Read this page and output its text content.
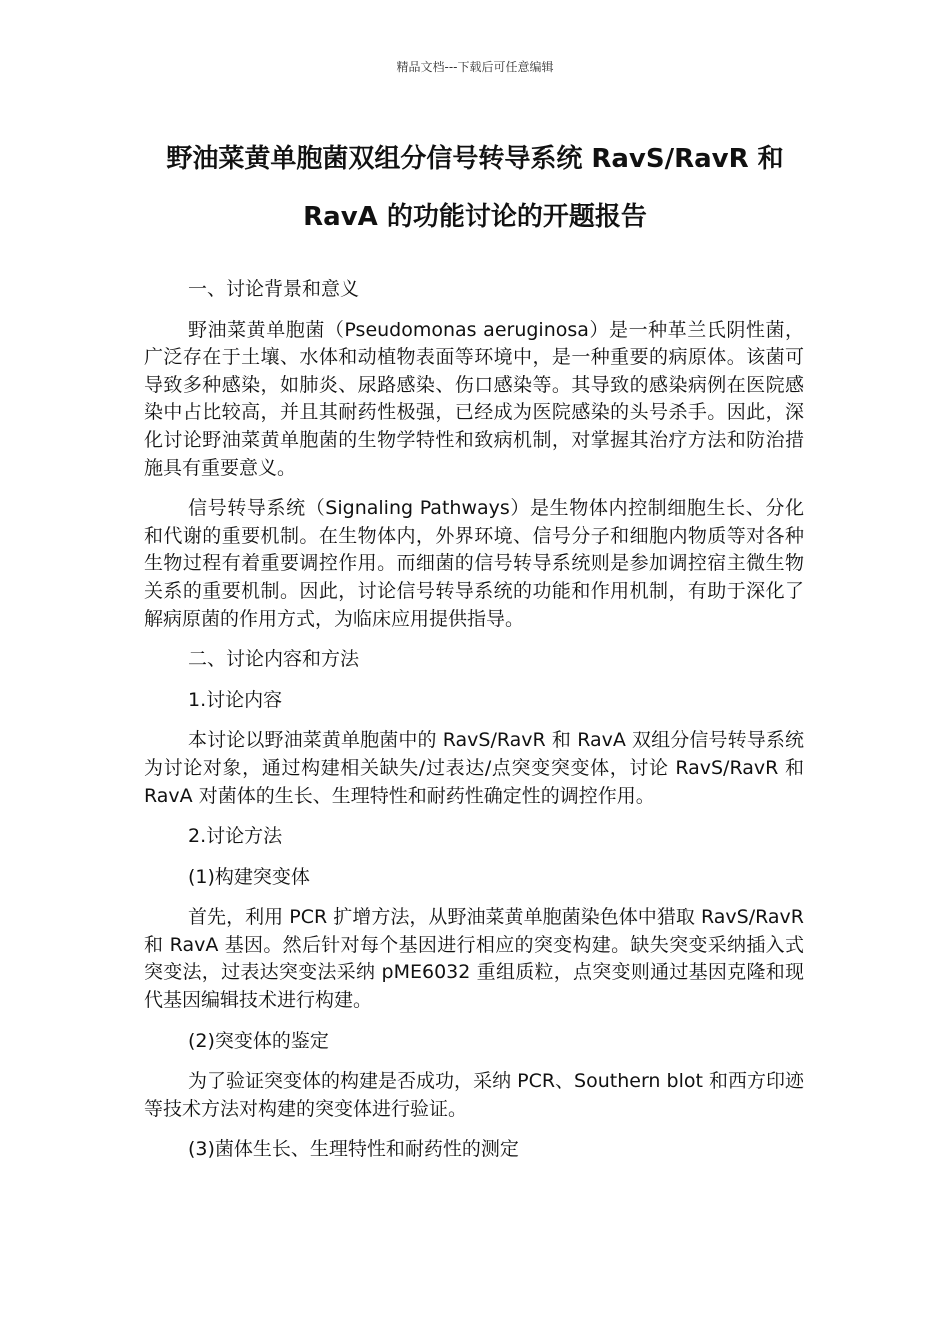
精品文档---下载后可任意编辑
野油菜黄单胞菌双组分信号转导系统 RavS/RavR 和
RavA 的功能讨论的开题报告

一、讨论背景和意义

野油菜黄单胞菌（Pseudomonas aeruginosa）是一种革兰氏阴性菌，广泛存在于土壤、水体和动植物表面等环境中，是一种重要的病原体。该菌可导致多种感染，如肺炎、尿路感染、伤口感染等。其导致的感染病例在医院感染中占比较高，并且其耐药性极强，已经成为医院感染的头号杀手。因此，深化讨论野油菜黄单胞菌的生物学特性和致病机制，对掌握其治疗方法和防治措施具有重要意义。

信号转导系统（Signaling Pathways）是生物体内控制细胞生长、分化和代谢的重要机制。在生物体内，外界环境、信号分子和细胞内物质等对各种生物过程有着重要调控作用。而细菌的信号转导系统则是参加调控宿主微生物关系的重要机制。因此，讨论信号转导系统的功能和作用机制，有助于深化了解病原菌的作用方式，为临床应用提供指导。

二、讨论内容和方法

1.讨论内容

本讨论以野油菜黄单胞菌中的 RavS/RavR 和 RavA 双组分信号转导系统为讨论对象，通过构建相关缺失/过表达/点突变突变体，讨论 RavS/RavR 和 RavA 对菌体的生长、生理特性和耐药性确定性的调控作用。

2.讨论方法

(1)构建突变体

首先，利用 PCR 扩增方法，从野油菜黄单胞菌染色体中猎取 RavS/RavR 和 RavA 基因。然后针对每个基因进行相应的突变构建。缺失突变采纳插入式突变法，过表达突变法采纳 pME6032 重组质粒，点突变则通过基因克隆和现代基因编辑技术进行构建。

(2)突变体的鉴定

为了验证突变体的构建是否成功，采纳 PCR、Southern blot 和西方印迹等技术方法对构建的突变体进行验证。

(3)菌体生长、生理特性和耐药性的测定
